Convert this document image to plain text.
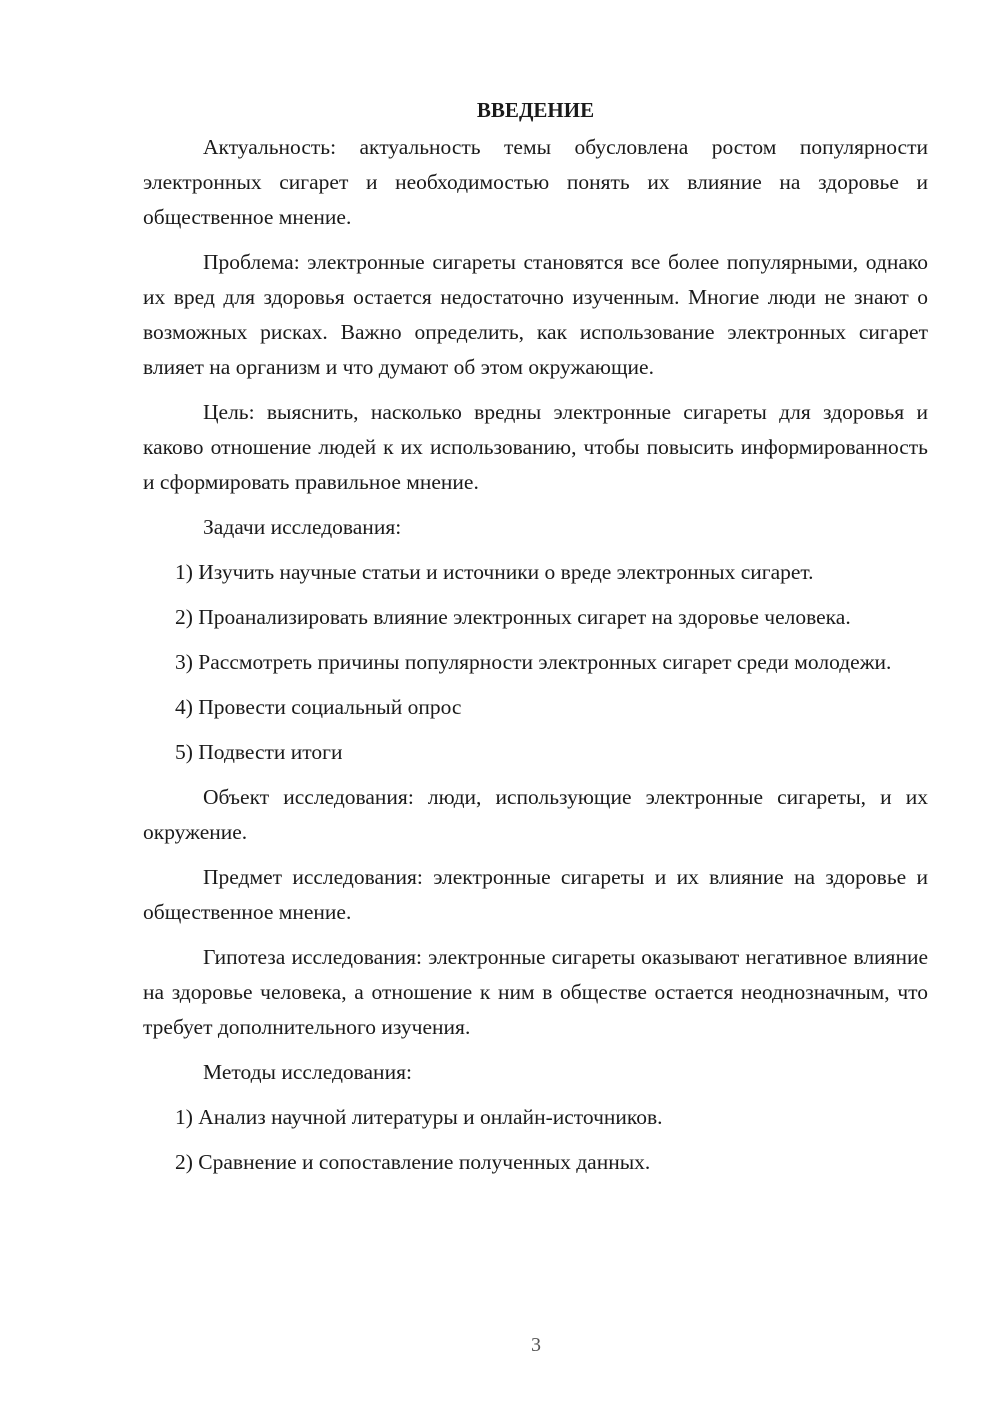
ВВЕДЕНИЕ

Актуальность: актуальность темы обусловлена ростом популярности электронных сигарет и необходимостью понять их влияние на здоровье и общественное мнение.

Проблема: электронные сигареты становятся все более популярными, однако их вред для здоровья остается недостаточно изученным. Многие люди не знают о возможных рисках. Важно определить, как использование электронных сигарет влияет на организм и что думают об этом окружающие.

Цель: выяснить, насколько вредны электронные сигареты для здоровья и каково отношение людей к их использованию, чтобы повысить информированность и сформировать правильное мнение.

Задачи исследования:

1) Изучить научные статьи и источники о вреде электронных сигарет.

2) Проанализировать влияние электронных сигарет на здоровье человека.

3) Рассмотреть причины популярности электронных сигарет среди молодежи.

4) Провести социальный опрос

5) Подвести итоги

Объект исследования: люди, использующие электронные сигареты, и их окружение.

Предмет исследования: электронные сигареты и их влияние на здоровье и общественное мнение.

Гипотеза исследования: электронные сигареты оказывают негативное влияние на здоровье человека, а отношение к ним в обществе остается неоднозначным, что требует дополнительного изучения.

Методы исследования:

1) Анализ научной литературы и онлайн-источников.

2) Сравнение и сопоставление полученных данных.

3
